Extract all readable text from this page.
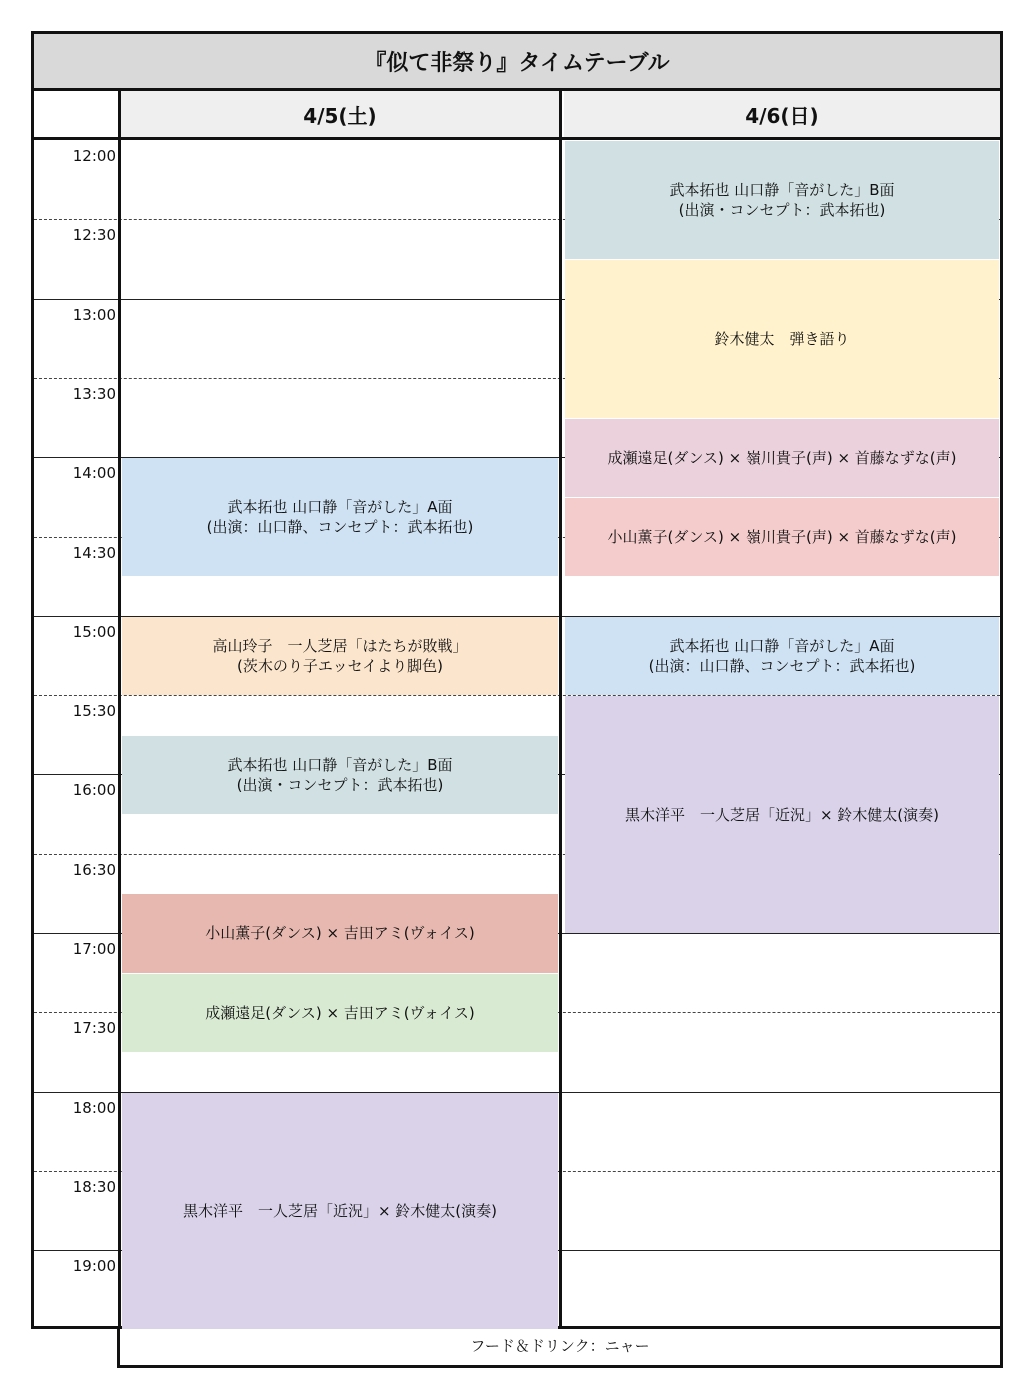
『似て非祭り』タイムテーブル
4/5(土)	4/6(日)
12:00
12:30
13:00
13:30
14:00
14:30
15:00
15:30
16:00
16:30
17:00
17:30
18:00
18:30
19:00
武本拓也 山口静「音がした」A面
(出演：山口静、コンセプト：武本拓也)
高山玲子　一人芝居「はたちが敗戦」
(茨木のり子エッセイより脚色)
武本拓也 山口静「音がした」B面
(出演・コンセプト：武本拓也)
小山薫子(ダンス) × 吉田アミ(ヴォイス)
成瀬遠足(ダンス) × 吉田アミ(ヴォイス)
黒木洋平　一人芝居「近況」× 鈴木健太(演奏)
武本拓也 山口静「音がした」B面
(出演・コンセプト：武本拓也)
鈴木健太　弾き語り
成瀬遠足(ダンス) × 嶺川貴子(声) × 首藤なずな(声)
小山薫子(ダンス) × 嶺川貴子(声) × 首藤なずな(声)
武本拓也 山口静「音がした」A面
(出演：山口静、コンセプト：武本拓也)
黒木洋平　一人芝居「近況」× 鈴木健太(演奏)
フード＆ドリンク：ニャー
